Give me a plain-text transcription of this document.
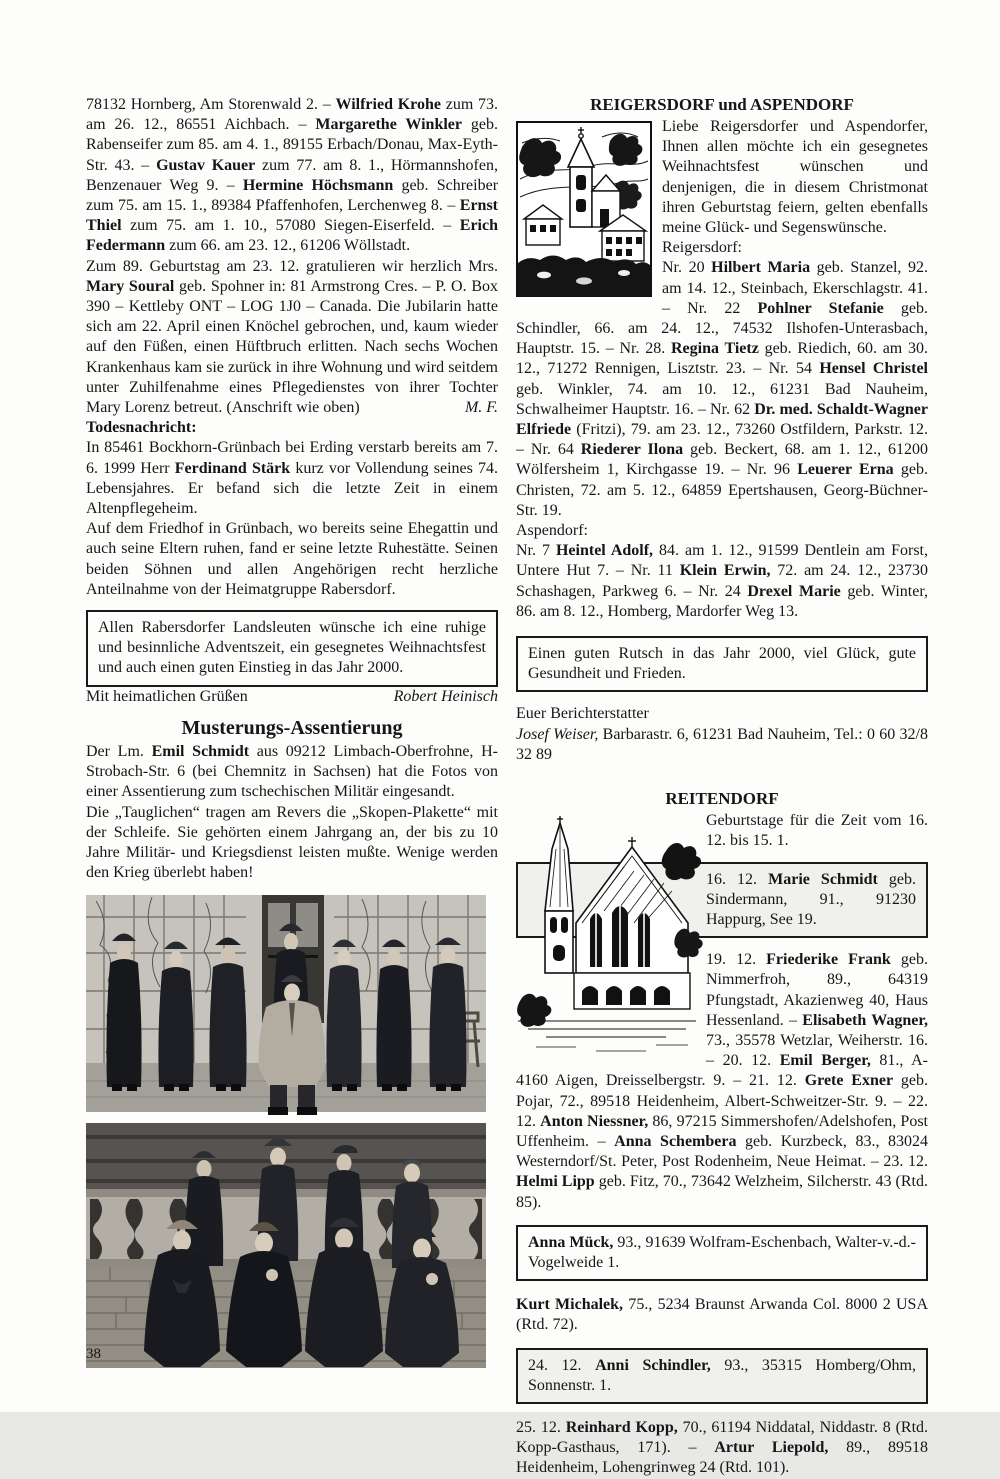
78132 Hornberg, Am Storenwald 2. – Wilfried Krohe zum 73. am 26. 12., 86551 Aichbach. – Margarethe Winkler geb. Rabenseifer zum 85. am 4. 1., 89155 Erbach/Donau, Max-Eyth-Str. 43. – Gustav Kauer zum 77. am 8. 1., Hörmannshofen, Benzenauer Weg 9. – Hermine Höchsmann geb. Schreiber zum 75. am 15. 1., 89384 Pfaffenhofen, Lerchenweg 8. – Ernst Thiel zum 75. am 1. 10., 57080 Siegen-Eiserfeld. – Erich Federmann zum 66. am 23. 12., 61206 Wöllstadt.

Zum 89. Geburtstag am 23. 12. gratulieren wir herzlich Mrs. Mary Soural geb. Spohner in: 81 Armstrong Cres. – P. O. Box 390 – Kettleby ONT – LOG 1J0 – Canada. Die Jubilarin hatte sich am 22. April einen Knöchel gebrochen, und, kaum wieder auf den Füßen, einen Hüftbruch erlitten. Nach sechs Wochen Krankenhaus kam sie zurück in ihre Wohnung und wird seitdem unter Zuhilfenahme eines Pflegedienstes von ihrer Tochter Mary Lorenz betreut. (Anschrift wie oben)	M. F.

Todesnachricht:

In 85461 Bockhorn-Grünbach bei Erding verstarb bereits am 7. 6. 1999 Herr Ferdinand Stärk kurz vor Vollendung seines 74. Lebensjahres. Er befand sich die letzte Zeit in einem Altenpflegeheim.

Auf dem Friedhof in Grünbach, wo bereits seine Ehegattin und auch seine Eltern ruhen, fand er seine letzte Ruhestätte. Seinen beiden Söhnen und allen Angehörigen recht herzliche Anteilnahme von der Heimatgruppe Rabersdorf.

Allen Rabersdorfer Landsleuten wünsche ich eine ruhige und besinnliche Adventszeit, ein gesegnetes Weihnachtsfest und auch einen guten Einstieg in das Jahr 2000.

Mit heimatlichen Grüßen	Robert Heinisch

Musterungs-Assentierung

Der Lm. Emil Schmidt aus 09212 Limbach-Oberfrohne, H-Strobach-Str. 6 (bei Chemnitz in Sachsen) hat die Fotos von einer Assentierung zum tschechischen Militär eingesandt.

Die „Tauglichen“ tragen am Revers die „Skopen-Plakette“ mit der Schleife. Sie gehörten einem Jahrgang an, der bis zu 10 Jahre Militär- und Kriegsdienst leisten mußte. Wenige werden den Krieg überlebt haben!

REIGERSDORF und ASPENDORF

Liebe Reigersdorfer und Aspendorfer, Ihnen allen möchte ich ein gesegnetes Weihnachtsfest wünschen und denjenigen, die in diesem Christmonat ihren Geburtstag feiern, gelten ebenfalls meine Glück- und Segenswünsche.

Reigersdorf:

Nr. 20 Hilbert Maria geb. Stanzel, 92. am 14. 12., Steinbach, Ekerschlagstr. 41. – Nr. 22 Pohlner Stefanie geb. Schindler, 66. am 24. 12., 74532 Ilshofen-Unterasbach, Hauptstr. 15. – Nr. 28. Regina Tietz geb. Riedich, 60. am 30. 12., 71272 Rennigen, Lisztstr. 23. – Nr. 54 Hensel Christel geb. Winkler, 74. am 10. 12., 61231 Bad Nauheim, Schwalheimer Hauptstr. 16. – Nr. 62 Dr. med. Schaldt-Wagner Elfriede (Fritzi), 79. am 23. 12., 73260 Ostfildern, Parkstr. 12. – Nr. 64 Riederer Ilona geb. Beckert, 68. am 1. 12., 61200 Wölfersheim 1, Kirchgasse 19. – Nr. 96 Leuerer Erna geb. Christen, 72. am 5. 12., 64859 Epertshausen, Georg-Büchner-Str. 19.

Aspendorf:

Nr. 7 Heintel Adolf, 84. am 1. 12., 91599 Dentlein am Forst, Untere Hut 7. – Nr. 11 Klein Erwin, 72. am 24. 12., 23730 Schashagen, Parkweg 6. – Nr. 24 Drexel Marie geb. Winter, 86. am 8. 12., Homberg, Mardorfer Weg 13.

Einen guten Rutsch in das Jahr 2000, viel Glück, gute Gesundheit und Frieden.

Euer Berichterstatter

Josef Weiser, Barbarastr. 6, 61231 Bad Nauheim, Tel.: 0 60 32/8 32 89

REITENDORF

Geburtstage für die Zeit vom 16. 12. bis 15. 1.

16. 12. Marie Schmidt geb. Sindermann, 91., 91230 Happurg, See 19.

19. 12. Friederike Frank geb. Nimmerfroh, 89., 64319 Pfungstadt, Akazienweg 40, Haus Hessenland. – Elisabeth Wagner, 73., 35578 Wetzlar, Weiherstr. 16. – 20. 12. Emil Berger, 81., A-4160 Aigen, Dreisselbergstr. 9. – 21. 12. Grete Exner geb. Pojar, 72., 89518 Heidenheim, Albert-Schweitzer-Str. 9. – 22. 12. Anton Niessner, 86, 97215 Simmershofen/Adelshofen, Post Uffenheim. – Anna Schembera geb. Kurzbeck, 83., 83024 Westerndorf/St. Peter, Post Rodenheim, Neue Heimat. – 23. 12. Helmi Lipp geb. Fitz, 70., 73642 Welzheim, Silcherstr. 43 (Rtd. 85).

Anna Mück, 93., 91639 Wolfram-Eschenbach, Walter-v.-d.- Vogelweide 1.

Kurt Michalek, 75., 5234 Braunst Arwanda Col. 8000 2 USA (Rtd. 72).

24. 12. Anni Schindler, 93., 35315 Homberg/Ohm, Sonnenstr. 1.

25. 12. Reinhard Kopp, 70., 61194 Niddatal, Niddastr. 8 (Rtd. Kopp-Gasthaus, 171). – Artur Liepold, 89., 89518 Heidenheim, Lohengrinweg 24 (Rtd. 101).

38
